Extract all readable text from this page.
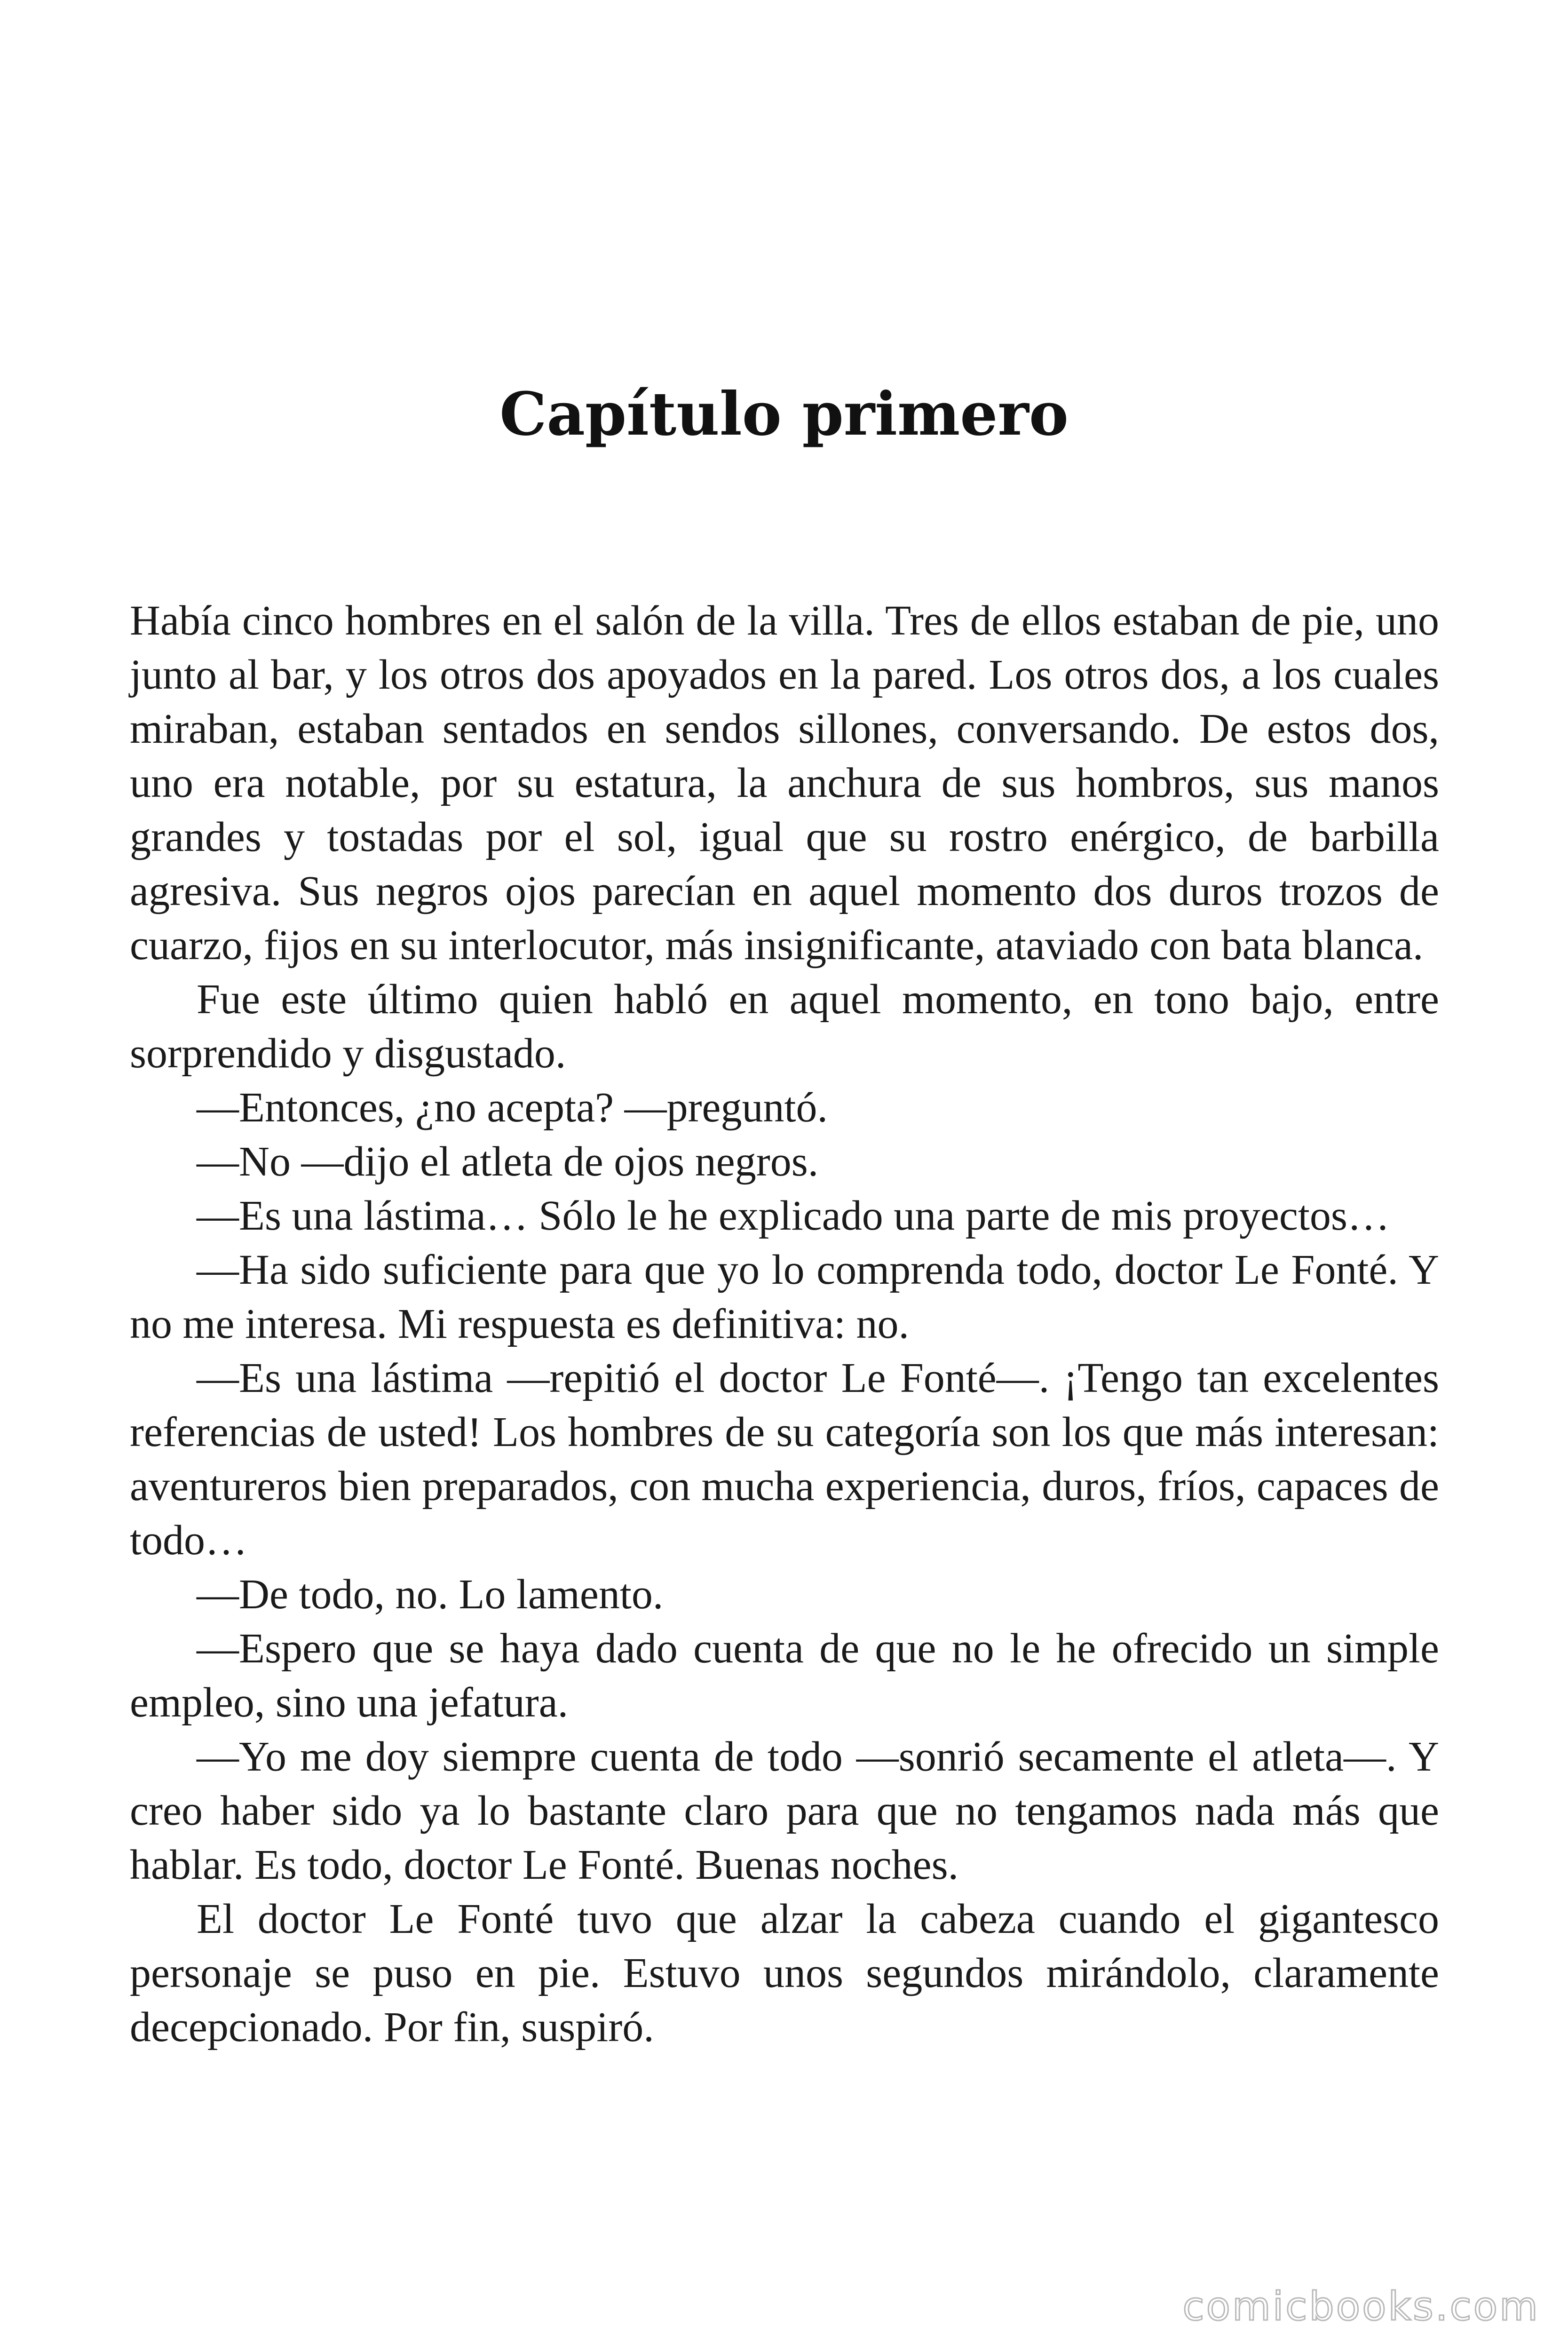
Capítulo primero

Había cinco hombres en el salón de la villa. Tres de ellos estaban de pie, uno junto al bar, y los otros dos apoyados en la pared. Los otros dos, a los cuales miraban, estaban sentados en sendos sillones, conversando. De estos dos, uno era notable, por su estatura, la anchura de sus hombros, sus manos grandes y tostadas por el sol, igual que su rostro enérgico, de barbilla agresiva. Sus negros ojos parecían en aquel momento dos duros trozos de cuarzo, fijos en su interlocutor, más insignificante, ataviado con bata blanca.

Fue este último quien habló en aquel momento, en tono bajo, entre sorprendido y disgustado.

—Entonces, ¿no acepta? —preguntó.

—No —dijo el atleta de ojos negros.

—Es una lástima… Sólo le he explicado una parte de mis proyectos…

—Ha sido suficiente para que yo lo comprenda todo, doctor Le Fonté. Y no me interesa. Mi respuesta es definitiva: no.

—Es una lástima —repitió el doctor Le Fonté—. ¡Tengo tan excelentes referencias de usted! Los hombres de su categoría son los que más interesan: aventureros bien preparados, con mucha experiencia, duros, fríos, capaces de todo…

—De todo, no. Lo lamento.

—Espero que se haya dado cuenta de que no le he ofrecido un simple empleo, sino una jefatura.

—Yo me doy siempre cuenta de todo —sonrió secamente el atleta—. Y creo haber sido ya lo bastante claro para que no tengamos nada más que hablar. Es todo, doctor Le Fonté. Buenas noches.

El doctor Le Fonté tuvo que alzar la cabeza cuando el gigantesco personaje se puso en pie. Estuvo unos segundos mirándolo, claramente decepcionado. Por fin, suspiró.

comicbooks.com
